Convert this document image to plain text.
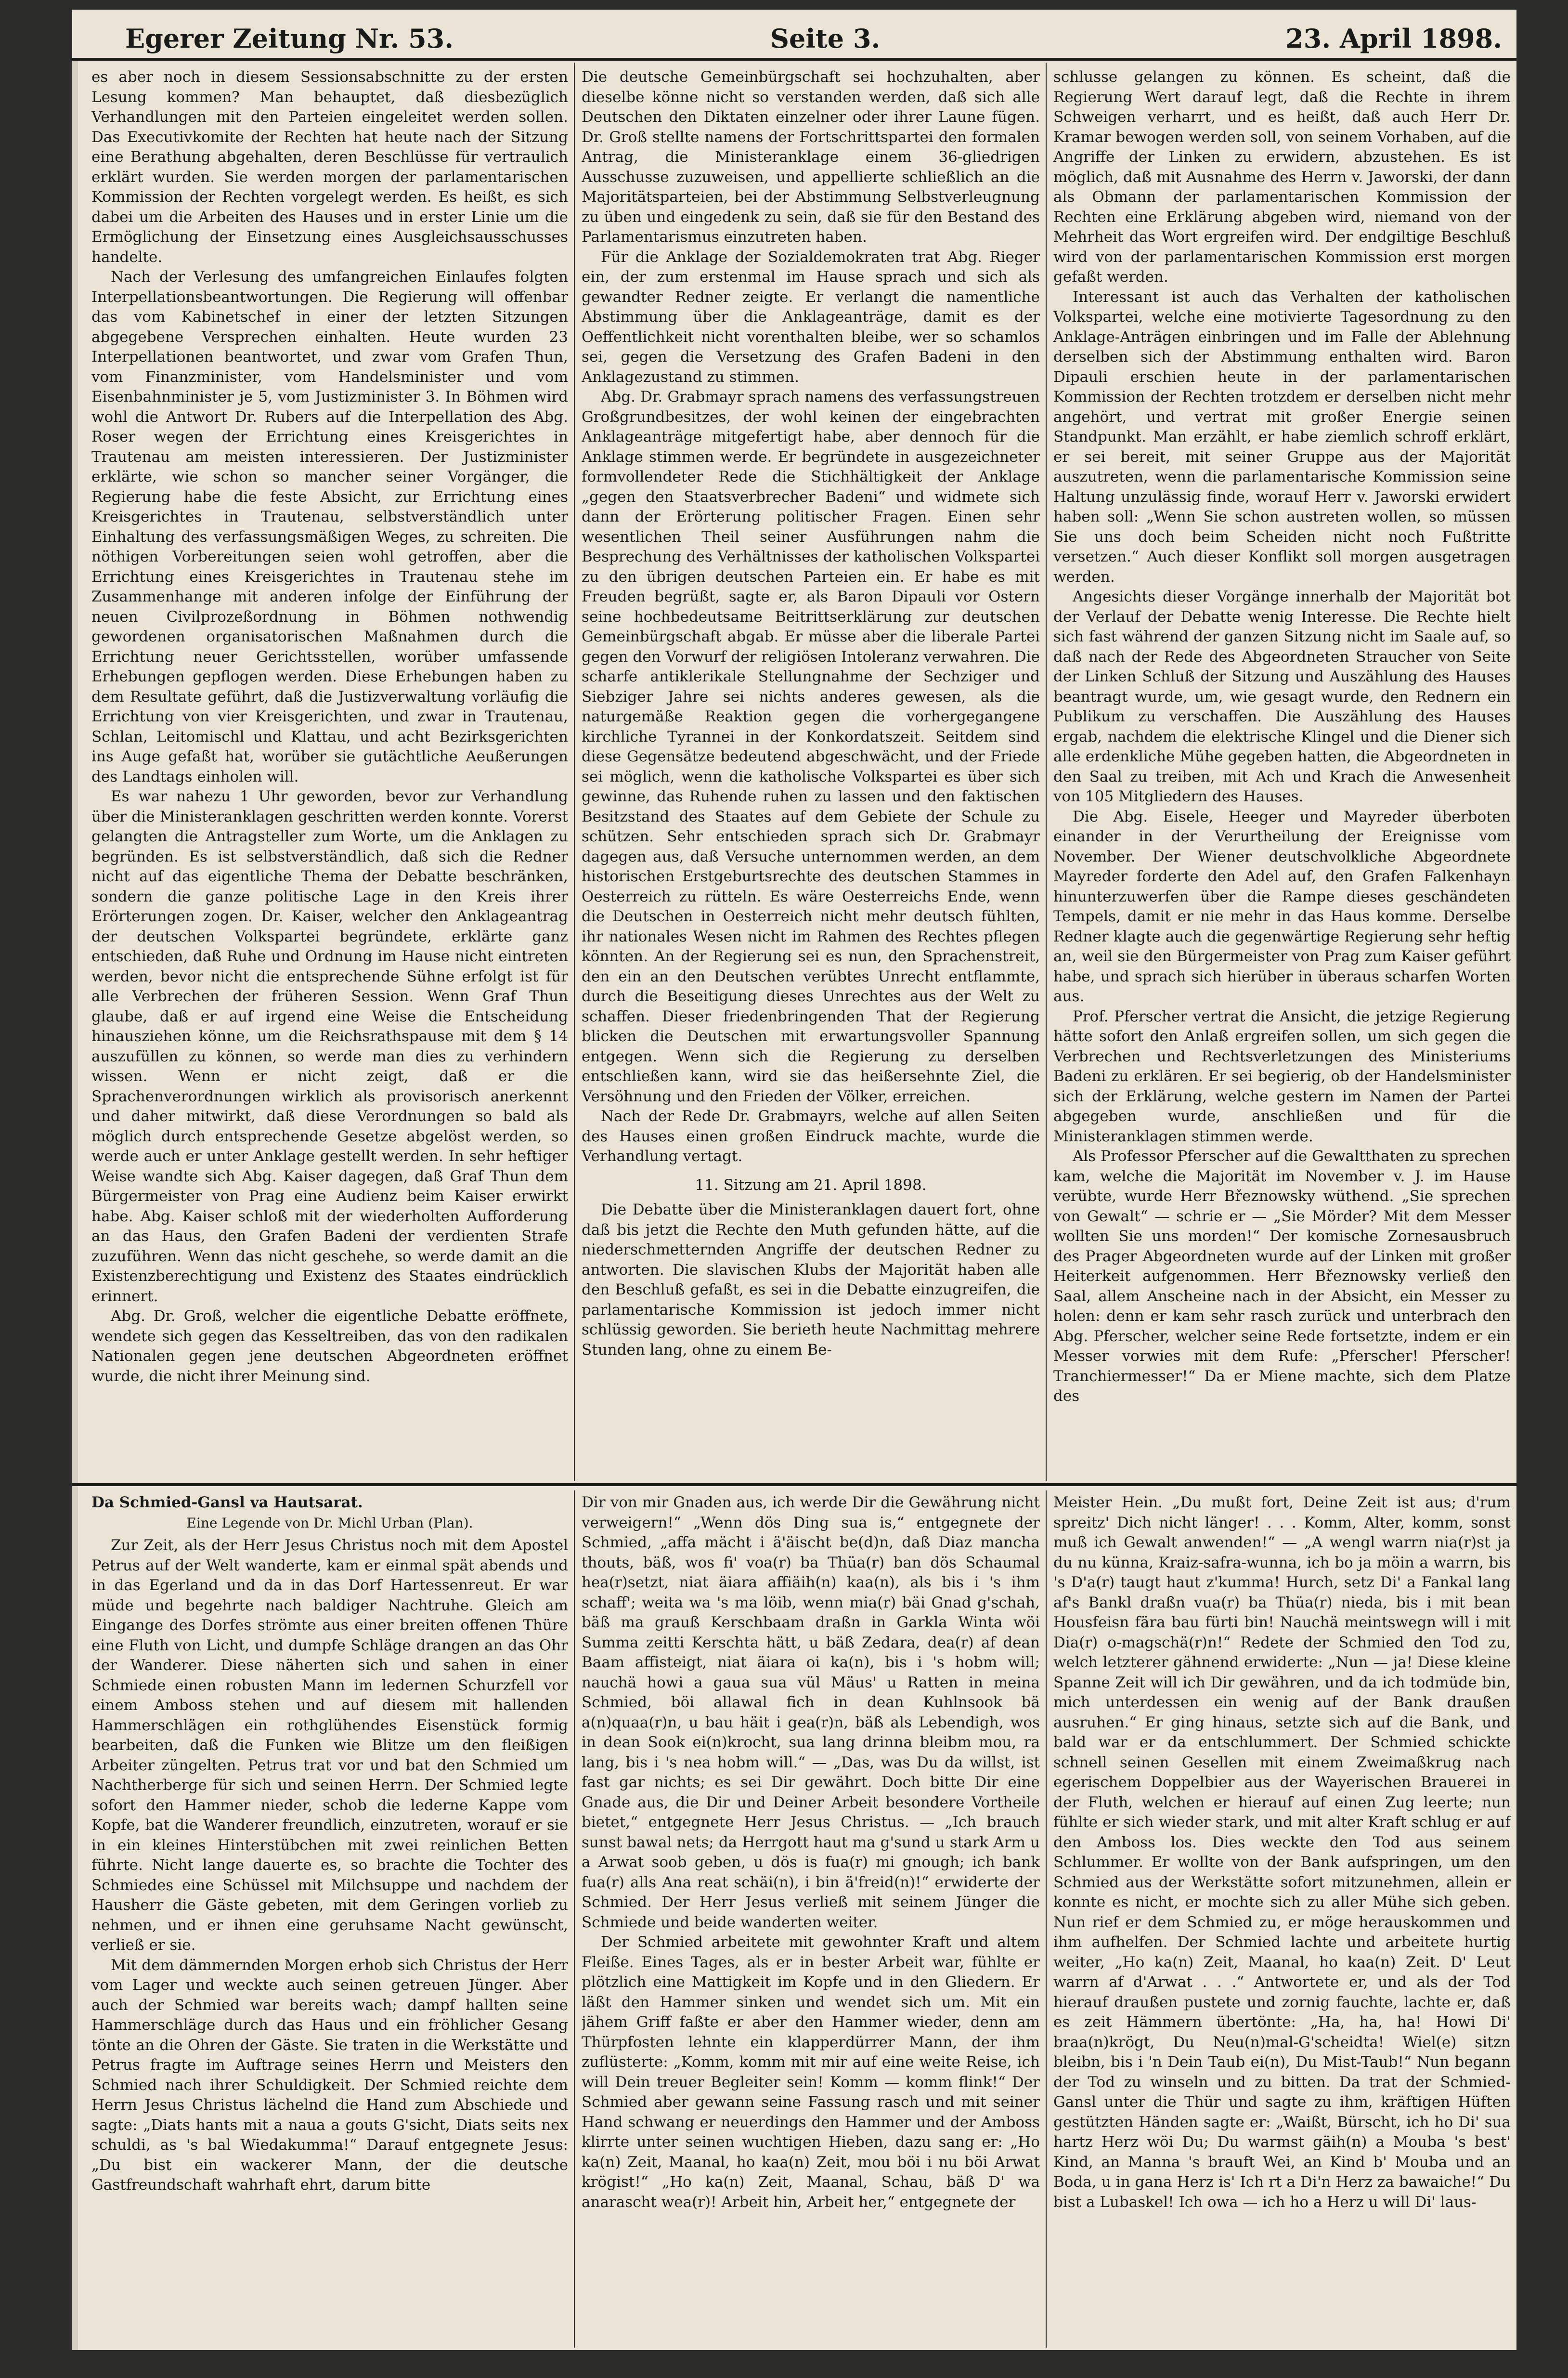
Egerer Zeitung Nr. 53.	Seite 3.	23. April 1898.

es aber noch in diesem Sessionsabschnitte zu der ersten Lesung kommen? Man behauptet, daß diesbezüglich Verhandlungen mit den Parteien eingeleitet werden sollen. Das Executivkomite der Rechten hat heute nach der Sitzung eine Berathung abgehalten, deren Beschlüsse für vertraulich erklärt wurden. Sie werden morgen der parlamentarischen Kommission der Rechten vorgelegt werden. Es heißt, es sich dabei um die Arbeiten des Hauses und in erster Linie um die Ermöglichung der Einsetzung eines Ausgleichsausschusses handelte.

Nach der Verlesung des umfangreichen Einlaufes folgten Interpellationsbeantwortungen. Die Regierung will offenbar das vom Kabinetschef in einer der letzten Sitzungen abgegebene Versprechen einhalten. Heute wurden 23 Interpellationen beantwortet, und zwar vom Grafen Thun, vom Finanzminister, vom Handelsminister und vom Eisenbahnminister je 5, vom Justizminister 3. In Böhmen wird wohl die Antwort Dr. Rubers auf die Interpellation des Abg. Roser wegen der Errichtung eines Kreisgerichtes in Trautenau am meisten interessieren. Der Justizminister erklärte, wie schon so mancher seiner Vorgänger, die Regierung habe die feste Absicht, zur Errichtung eines Kreisgerichtes in Trautenau, selbstverständlich unter Einhaltung des verfassungsmäßigen Weges, zu schreiten. Die nöthigen Vorbereitungen seien wohl getroffen, aber die Errichtung eines Kreisgerichtes in Trautenau stehe im Zusammenhange mit anderen infolge der Einführung der neuen Civilprozeßordnung in Böhmen nothwendig gewordenen organisatorischen Maßnahmen durch die Errichtung neuer Gerichtsstellen, worüber umfassende Erhebungen gepflogen werden. Diese Erhebungen haben zu dem Resultate geführt, daß die Justizverwaltung vorläufig die Errichtung von vier Kreisgerichten, und zwar in Trautenau, Schlan, Leitomischl und Klattau, und acht Bezirksgerichten ins Auge gefaßt hat, worüber sie gutächtliche Aeußerungen des Landtags einholen will.

Es war nahezu 1 Uhr geworden, bevor zur Verhandlung über die Ministeranklagen geschritten werden konnte. Vorerst gelangten die Antragsteller zum Worte, um die Anklagen zu begründen. Es ist selbstverständlich, daß sich die Redner nicht auf das eigentliche Thema der Debatte beschränken, sondern die ganze politische Lage in den Kreis ihrer Erörterungen zogen. Dr. Kaiser, welcher den Anklageantrag der deutschen Volkspartei begründete, erklärte ganz entschieden, daß Ruhe und Ordnung im Hause nicht eintreten werden, bevor nicht die entsprechende Sühne erfolgt ist für alle Verbrechen der früheren Session. Wenn Graf Thun glaube, daß er auf irgend eine Weise die Entscheidung hinausziehen könne, um die Reichsrathspause mit dem § 14 auszufüllen zu können, so werde man dies zu verhindern wissen. Wenn er nicht zeigt, daß er die Sprachenverordnungen wirklich als provisorisch anerkennt und daher mitwirkt, daß diese Verordnungen so bald als möglich durch entsprechende Gesetze abgelöst werden, so werde auch er unter Anklage gestellt werden. In sehr heftiger Weise wandte sich Abg. Kaiser dagegen, daß Graf Thun dem Bürgermeister von Prag eine Audienz beim Kaiser erwirkt habe. Abg. Kaiser schloß mit der wiederholten Aufforderung an das Haus, den Grafen Badeni der verdienten Strafe zuzuführen. Wenn das nicht geschehe, so werde damit an die Existenzberechtigung und Existenz des Staates eindrücklich erinnert.

Abg. Dr. Groß, welcher die eigentliche Debatte eröffnete, wendete sich gegen das Kesseltreiben, das von den radikalen Nationalen gegen jene deutschen Abgeordneten eröffnet wurde, die nicht ihrer Meinung sind.

Die deutsche Gemeinbürgschaft sei hochzuhalten, aber dieselbe könne nicht so verstanden werden, daß sich alle Deutschen den Diktaten einzelner oder ihrer Laune fügen. Dr. Groß stellte namens der Fortschrittspartei den formalen Antrag, die Ministeranklage einem 36-gliedrigen Ausschusse zuzuweisen, und appellierte schließlich an die Majoritätsparteien, bei der Abstimmung Selbstverleugnung zu üben und eingedenk zu sein, daß sie für den Bestand des Parlamentarismus einzutreten haben.

Für die Anklage der Sozialdemokraten trat Abg. Rieger ein, der zum erstenmal im Hause sprach und sich als gewandter Redner zeigte. Er verlangt die namentliche Abstimmung über die Anklageanträge, damit es der Oeffentlichkeit nicht vorenthalten bleibe, wer so schamlos sei, gegen die Versetzung des Grafen Badeni in den Anklagezustand zu stimmen.

Abg. Dr. Grabmayr sprach namens des verfassungstreuen Großgrundbesitzes, der wohl keinen der eingebrachten Anklageanträge mitgefertigt habe, aber dennoch für die Anklage stimmen werde. Er begründete in ausgezeichneter formvollendeter Rede die Stichhältigkeit der Anklage „gegen den Staatsverbrecher Badeni“ und widmete sich dann der Erörterung politischer Fragen. Einen sehr wesentlichen Theil seiner Ausführungen nahm die Besprechung des Verhältnisses der katholischen Volkspartei zu den übrigen deutschen Parteien ein. Er habe es mit Freuden begrüßt, sagte er, als Baron Dipauli vor Ostern seine hochbedeutsame Beitrittserklärung zur deutschen Gemeinbürgschaft abgab. Er müsse aber die liberale Partei gegen den Vorwurf der religiösen Intoleranz verwahren. Die scharfe antiklerikale Stellungnahme der Sechziger und Siebziger Jahre sei nichts anderes gewesen, als die naturgemäße Reaktion gegen die vorhergegangene kirchliche Tyrannei in der Konkordatszeit. Seitdem sind diese Gegensätze bedeutend abgeschwächt, und der Friede sei möglich, wenn die katholische Volkspartei es über sich gewinne, das Ruhende ruhen zu lassen und den faktischen Besitzstand des Staates auf dem Gebiete der Schule zu schützen. Sehr entschieden sprach sich Dr. Grabmayr dagegen aus, daß Versuche unternommen werden, an dem historischen Erstgeburtsrechte des deutschen Stammes in Oesterreich zu rütteln. Es wäre Oesterreichs Ende, wenn die Deutschen in Oesterreich nicht mehr deutsch fühlten, ihr nationales Wesen nicht im Rahmen des Rechtes pflegen könnten. An der Regierung sei es nun, den Sprachenstreit, den ein an den Deutschen verübtes Unrecht entflammte, durch die Beseitigung dieses Unrechtes aus der Welt zu schaffen. Dieser friedenbringenden That der Regierung blicken die Deutschen mit erwartungsvoller Spannung entgegen. Wenn sich die Regierung zu derselben entschließen kann, wird sie das heißersehnte Ziel, die Versöhnung und den Frieden der Völker, erreichen.

Nach der Rede Dr. Grabmayrs, welche auf allen Seiten des Hauses einen großen Eindruck machte, wurde die Verhandlung vertagt.

11. Sitzung am 21. April 1898.

Die Debatte über die Ministeranklagen dauert fort, ohne daß bis jetzt die Rechte den Muth gefunden hätte, auf die niederschmetternden Angriffe der deutschen Redner zu antworten. Die slavischen Klubs der Majorität haben alle den Beschluß gefaßt, es sei in die Debatte einzugreifen, die parlamentarische Kommission ist jedoch immer nicht schlüssig geworden. Sie berieth heute Nachmittag mehrere Stunden lang, ohne zu einem Be-

schlusse gelangen zu können. Es scheint, daß die Regierung Wert darauf legt, daß die Rechte in ihrem Schweigen verharrt, und es heißt, daß auch Herr Dr. Kramar bewogen werden soll, von seinem Vorhaben, auf die Angriffe der Linken zu erwidern, abzustehen. Es ist möglich, daß mit Ausnahme des Herrn v. Jaworski, der dann als Obmann der parlamentarischen Kommission der Rechten eine Erklärung abgeben wird, niemand von der Mehrheit das Wort ergreifen wird. Der endgiltige Beschluß wird von der parlamentarischen Kommission erst morgen gefaßt werden.

Interessant ist auch das Verhalten der katholischen Volkspartei, welche eine motivierte Tagesordnung zu den Anklage-Anträgen einbringen und im Falle der Ablehnung derselben sich der Abstimmung enthalten wird. Baron Dipauli erschien heute in der parlamentarischen Kommission der Rechten trotzdem er derselben nicht mehr angehört, und vertrat mit großer Energie seinen Standpunkt. Man erzählt, er habe ziemlich schroff erklärt, er sei bereit, mit seiner Gruppe aus der Majorität auszutreten, wenn die parlamentarische Kommission seine Haltung unzulässig finde, worauf Herr v. Jaworski erwidert haben soll: „Wenn Sie schon austreten wollen, so müssen Sie uns doch beim Scheiden nicht noch Fußtritte versetzen.“ Auch dieser Konflikt soll morgen ausgetragen werden.

Angesichts dieser Vorgänge innerhalb der Majorität bot der Verlauf der Debatte wenig Interesse. Die Rechte hielt sich fast während der ganzen Sitzung nicht im Saale auf, so daß nach der Rede des Abgeordneten Straucher von Seite der Linken Schluß der Sitzung und Auszählung des Hauses beantragt wurde, um, wie gesagt wurde, den Rednern ein Publikum zu verschaffen. Die Auszählung des Hauses ergab, nachdem die elektrische Klingel und die Diener sich alle erdenkliche Mühe gegeben hatten, die Abgeordneten in den Saal zu treiben, mit Ach und Krach die Anwesenheit von 105 Mitgliedern des Hauses.

Die Abg. Eisele, Heeger und Mayreder überboten einander in der Verurtheilung der Ereignisse vom November. Der Wiener deutschvolkliche Abgeordnete Mayreder forderte den Adel auf, den Grafen Falkenhayn hinunterzuwerfen über die Rampe dieses geschändeten Tempels, damit er nie mehr in das Haus komme. Derselbe Redner klagte auch die gegenwärtige Regierung sehr heftig an, weil sie den Bürgermeister von Prag zum Kaiser geführt habe, und sprach sich hierüber in überaus scharfen Worten aus.

Prof. Pferscher vertrat die Ansicht, die jetzige Regierung hätte sofort den Anlaß ergreifen sollen, um sich gegen die Verbrechen und Rechtsverletzungen des Ministeriums Badeni zu erklären. Er sei begierig, ob der Handelsminister sich der Erklärung, welche gestern im Namen der Partei abgegeben wurde, anschließen und für die Ministeranklagen stimmen werde.

Als Professor Pferscher auf die Gewaltthaten zu sprechen kam, welche die Majorität im November v. J. im Hause verübte, wurde Herr Březnowsky wüthend. „Sie sprechen von Gewalt“ — schrie er — „Sie Mörder? Mit dem Messer wollten Sie uns morden!“ Der komische Zornesausbruch des Prager Abgeordneten wurde auf der Linken mit großer Heiterkeit aufgenommen. Herr Březnowsky verließ den Saal, allem Anscheine nach in der Absicht, ein Messer zu holen: denn er kam sehr rasch zurück und unterbrach den Abg. Pferscher, welcher seine Rede fortsetzte, indem er ein Messer vorwies mit dem Rufe: „Pferscher! Pferscher! Tranchiermesser!“ Da er Miene machte, sich dem Platze des

Da Schmied-Gansl va Hautsarat.

Eine Legende von Dr. Michl Urban (Plan).

Zur Zeit, als der Herr Jesus Christus noch mit dem Apostel Petrus auf der Welt wanderte, kam er einmal spät abends und in das Egerland und da in das Dorf Hartessenreut. Er war müde und begehrte nach baldiger Nachtruhe. Gleich am Eingange des Dorfes strömte aus einer breiten offenen Thüre eine Fluth von Licht, und dumpfe Schläge drangen an das Ohr der Wanderer. Diese näherten sich und sahen in einer Schmiede einen robusten Mann im ledernen Schurzfell vor einem Amboss stehen und auf diesem mit hallenden Hammerschlägen ein rothglühendes Eisenstück formig bearbeiten, daß die Funken wie Blitze um den fleißigen Arbeiter züngelten. Petrus trat vor und bat den Schmied um Nachtherberge für sich und seinen Herrn. Der Schmied legte sofort den Hammer nieder, schob die lederne Kappe vom Kopfe, bat die Wanderer freundlich, einzutreten, worauf er sie in ein kleines Hinterstübchen mit zwei reinlichen Betten führte. Nicht lange dauerte es, so brachte die Tochter des Schmiedes eine Schüssel mit Milchsuppe und nachdem der Hausherr die Gäste gebeten, mit dem Geringen vorlieb zu nehmen, und er ihnen eine geruhsame Nacht gewünscht, verließ er sie.

Mit dem dämmernden Morgen erhob sich Christus der Herr vom Lager und weckte auch seinen getreuen Jünger. Aber auch der Schmied war bereits wach; dampf hallten seine Hammerschläge durch das Haus und ein fröhlicher Gesang tönte an die Ohren der Gäste. Sie traten in die Werkstätte und Petrus fragte im Auftrage seines Herrn und Meisters den Schmied nach ihrer Schuldigkeit. Der Schmied reichte dem Herrn Jesus Christus lächelnd die Hand zum Abschiede und sagte: „Diats hants mit a naua a gouts G'sicht, Diats seits nex schuldi, as 's bal Wiedakumma!“ Darauf entgegnete Jesus: „Du bist ein wackerer Mann, der die deutsche Gastfreundschaft wahrhaft ehrt, darum bitte

Dir von mir Gnaden aus, ich werde Dir die Gewährung nicht verweigern!“ „Wenn dös Ding sua is,“ entgegnete der Schmied, „affa mächt i ä'äischt be(d)n, daß Diaz mancha thouts, bäß, wos fi' voa(r) ba Thüa(r) ban dös Schaumal hea(r)setzt, niat äiara affiäih(n) kaa(n), als bis i 's ihm schaff'; weita wa 's ma löib, wenn mia(r) bäi Gnad g'schah, bäß ma grauß Kerschbaam draßn in Garkla Winta wöi Summa zeitti Kerschta hätt, u bäß Zedara, dea(r) af dean Baam affisteigt, niat äiara oi ka(n), bis i 's hobm will; nauchä howi a gaua sua vül Mäus' u Ratten in meina Schmied, böi allawal fich in dean Kuhlnsook bä a(n)quaa(r)n, u bau häit i gea(r)n, bäß als Lebendigh, wos in dean Sook ei(n)krocht, sua lang drinna bleibm mou, ra lang, bis i 's nea hobm will.“ — „Das, was Du da willst, ist fast gar nichts; es sei Dir gewährt. Doch bitte Dir eine Gnade aus, die Dir und Deiner Arbeit besondere Vortheile bietet,“ entgegnete Herr Jesus Christus. — „Ich brauch sunst bawal nets; da Herrgott haut ma g'sund u stark Arm u a Arwat soob geben, u dös is fua(r) mi gnough; ich bank fua(r) alls Ana reat schäi(n), i bin ä'freid(n)!“ erwiderte der Schmied. Der Herr Jesus verließ mit seinem Jünger die Schmiede und beide wanderten weiter.

Der Schmied arbeitete mit gewohnter Kraft und altem Fleiße. Eines Tages, als er in bester Arbeit war, fühlte er plötzlich eine Mattigkeit im Kopfe und in den Gliedern. Er läßt den Hammer sinken und wendet sich um. Mit ein jähem Griff faßte er aber den Hammer wieder, denn am Thürpfosten lehnte ein klapperdürrer Mann, der ihm zuflüsterte: „Komm, komm mit mir auf eine weite Reise, ich will Dein treuer Begleiter sein! Komm — komm flink!“ Der Schmied aber gewann seine Fassung rasch und mit seiner Hand schwang er neuerdings den Hammer und der Amboss klirrte unter seinen wuchtigen Hieben, dazu sang er: „Ho ka(n) Zeit, Maanal, ho kaa(n) Zeit, mou böi i nu böi Arwat krögist!“ „Ho ka(n) Zeit, Maanal, Schau, bäß D' wa anarascht wea(r)! Arbeit hin, Arbeit her,“ entgegnete der

Meister Hein. „Du mußt fort, Deine Zeit ist aus; d'rum spreitz' Dich nicht länger! . . . Komm, Alter, komm, sonst muß ich Gewalt anwenden!“ — „A wengl warrn nia(r)st ja du nu künna, Kraiz-safra-wunna, ich bo ja möin a warrn, bis 's D'a(r) taugt haut z'kumma! Hurch, setz Di' a Fankal lang af's Bankl draßn vua(r) ba Thüa(r) nieda, bis i mit bean Housfeisn fära bau fürti bin! Nauchä meintswegn will i mit Dia(r) o-magschä(r)n!“ Redete der Schmied den Tod zu, welch letzterer gähnend erwiderte: „Nun — ja! Diese kleine Spanne Zeit will ich Dir gewähren, und da ich todmüde bin, mich unterdessen ein wenig auf der Bank draußen ausruhen.“ Er ging hinaus, setzte sich auf die Bank, und bald war er da entschlummert. Der Schmied schickte schnell seinen Gesellen mit einem Zweimaßkrug nach egerischem Doppelbier aus der Wayerischen Brauerei in der Fluth, welchen er hierauf auf einen Zug leerte; nun fühlte er sich wieder stark, und mit alter Kraft schlug er auf den Amboss los. Dies weckte den Tod aus seinem Schlummer. Er wollte von der Bank aufspringen, um den Schmied aus der Werkstätte sofort mitzunehmen, allein er konnte es nicht, er mochte sich zu aller Mühe sich geben. Nun rief er dem Schmied zu, er möge herauskommen und ihm aufhelfen. Der Schmied lachte und arbeitete hurtig weiter, „Ho ka(n) Zeit, Maanal, ho kaa(n) Zeit. D' Leut warrn af d'Arwat . . .“ Antwortete er, und als der Tod hierauf draußen pustete und zornig fauchte, lachte er, daß es zeit Hämmern übertönte: „Ha, ha, ha! Howi Di' braa(n)krögt, Du Neu(n)mal-G'scheidta! Wiel(e) sitzn bleibn, bis i 'n Dein Taub ei(n), Du Mist-Taub!“ Nun begann der Tod zu winseln und zu bitten. Da trat der Schmied-Gansl unter die Thür und sagte zu ihm, kräftigen Hüften gestützten Händen sagte er: „Waißt, Bürscht, ich ho Di' sua hartz Herz wöi Du; Du warmst gäih(n) a Mouba 's best' Kind, an Manna 's brauft Wei, an Kind b' Mouba und an Boda, u in gana Herz is' Ich rt a Di'n Herz za bawaiche!“ Du bist a Lubaskel! Ich owa — ich ho a Herz u will Di' laus-
